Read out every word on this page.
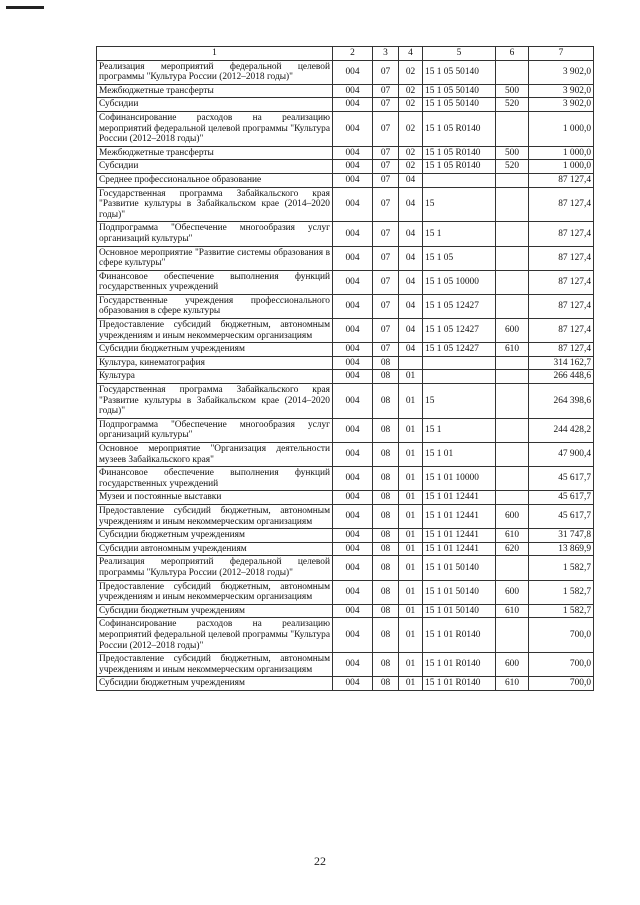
1	2	3	4	5	6	7
Реализация мероприятий федеральной целевой программы "Культура России (2012–2018 годы)"	004	07	02	15 1 05 50140		3 902,0
Межбюджетные трансферты	004	07	02	15 1 05 50140	500	3 902,0
Субсидии	004	07	02	15 1 05 50140	520	3 902,0
Софинансирование расходов на реализацию мероприятий федеральной целевой программы "Культура России (2012–2018 годы)"	004	07	02	15 1 05 R0140		1 000,0
Межбюджетные трансферты	004	07	02	15 1 05 R0140	500	1 000,0
Субсидии	004	07	02	15 1 05 R0140	520	1 000,0
Среднее профессиональное образование	004	07	04			87 127,4
Государственная программа Забайкальского края "Развитие культуры в Забайкальском крае (2014–2020 годы)"	004	07	04	15		87 127,4
Подпрограмма "Обеспечение многообразия услуг организаций культуры"	004	07	04	15 1		87 127,4
Основное мероприятие "Развитие системы образования в сфере культуры"	004	07	04	15 1 05		87 127,4
Финансовое обеспечение выполнения функций государственных учреждений	004	07	04	15 1 05 10000		87 127,4
Государственные учреждения профессионального образования в сфере культуры	004	07	04	15 1 05 12427		87 127,4
Предоставление субсидий бюджетным, автономным учреждениям и иным некоммерческим организациям	004	07	04	15 1 05 12427	600	87 127,4
Субсидии бюджетным учреждениям	004	07	04	15 1 05 12427	610	87 127,4
Культура, кинематография	004	08				314 162,7
Культура	004	08	01			266 448,6
Государственная программа Забайкальского края "Развитие культуры в Забайкальском крае (2014–2020 годы)"	004	08	01	15		264 398,6
Подпрограмма "Обеспечение многообразия услуг организаций культуры"	004	08	01	15 1		244 428,2
Основное мероприятие "Организация деятельности музеев Забайкальского края"	004	08	01	15 1 01		47 900,4
Финансовое обеспечение выполнения функций государственных учреждений	004	08	01	15 1 01 10000		45 617,7
Музеи и постоянные выставки	004	08	01	15 1 01 12441		45 617,7
Предоставление субсидий бюджетным, автономным учреждениям и иным некоммерческим организациям	004	08	01	15 1 01 12441	600	45 617,7
Субсидии бюджетным учреждениям	004	08	01	15 1 01 12441	610	31 747,8
Субсидии автономным учреждениям	004	08	01	15 1 01 12441	620	13 869,9
Реализация мероприятий федеральной целевой программы "Культура России (2012–2018 годы)"	004	08	01	15 1 01 50140		1 582,7
Предоставление субсидий бюджетным, автономным учреждениям и иным некоммерческим организациям	004	08	01	15 1 01 50140	600	1 582,7
Субсидии бюджетным учреждениям	004	08	01	15 1 01 50140	610	1 582,7
Софинансирование расходов на реализацию мероприятий федеральной целевой программы "Культура России (2012–2018 годы)"	004	08	01	15 1 01 R0140		700,0
Предоставление субсидий бюджетным, автономным учреждениям и иным некоммерческим организациям	004	08	01	15 1 01 R0140	600	700,0
Субсидии бюджетным учреждениям	004	08	01	15 1 01 R0140	610	700,0
22
